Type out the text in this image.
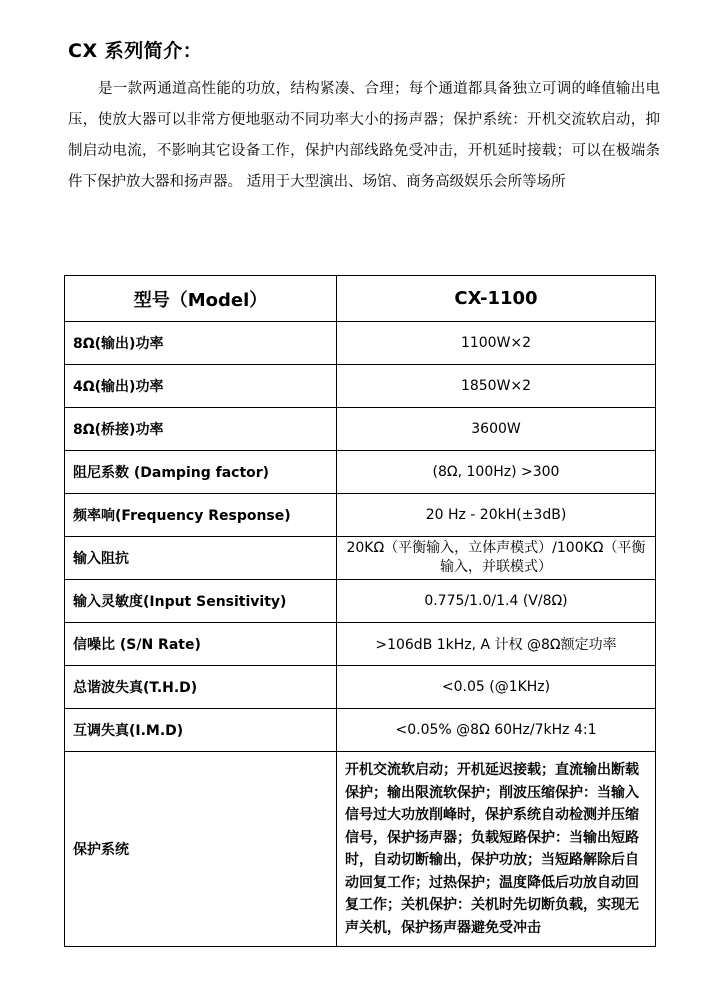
CX 系列简介：

是一款两通道高性能的功放，结构紧凑、合理；每个通道都具备独立可调的峰值输出电压，使放大器可以非常方便地驱动不同功率大小的扬声器；保护系统：开机交流软启动，抑制启动电流，不影响其它设备工作，保护内部线路免受冲击，开机延时接载；可以在极端条件下保护放大器和扬声器。 适用于大型演出、场馆、商务高级娱乐会所等场所

型号（Model）	CX-1100
8Ω(输出)功率	1100W×2
4Ω(输出)功率	1850W×2
8Ω(桥接)功率	3600W
阻尼系数 (Damping factor)	(8Ω, 100Hz) >300
频率响(Frequency Response)	20 Hz - 20kH(±3dB)
输入阻抗	20KΩ（平衡输入，立体声模式）/100KΩ（平衡输入，并联模式）
输入灵敏度(Input Sensitivity)	0.775/1.0/1.4 (V/8Ω)
信噪比 (S/N Rate)	>106dB 1kHz, A 计权 @8Ω额定功率
总谐波失真(T.H.D)	<0.05 (@1KHz)
互调失真(I.M.D)	<0.05% @8Ω 60Hz/7kHz 4:1
保护系统	开机交流软启动；开机延迟接载；直流输出断载保护；输出限流软保护；削波压缩保护：当输入信号过大功放削峰时，保护系统自动检测并压缩信号，保护扬声器；负载短路保护：当输出短路时，自动切断输出，保护功放；当短路解除后自动回复工作；过热保护；温度降低后功放自动回复工作；关机保护：关机时先切断负载，实现无声关机，保护扬声器避免受冲击
